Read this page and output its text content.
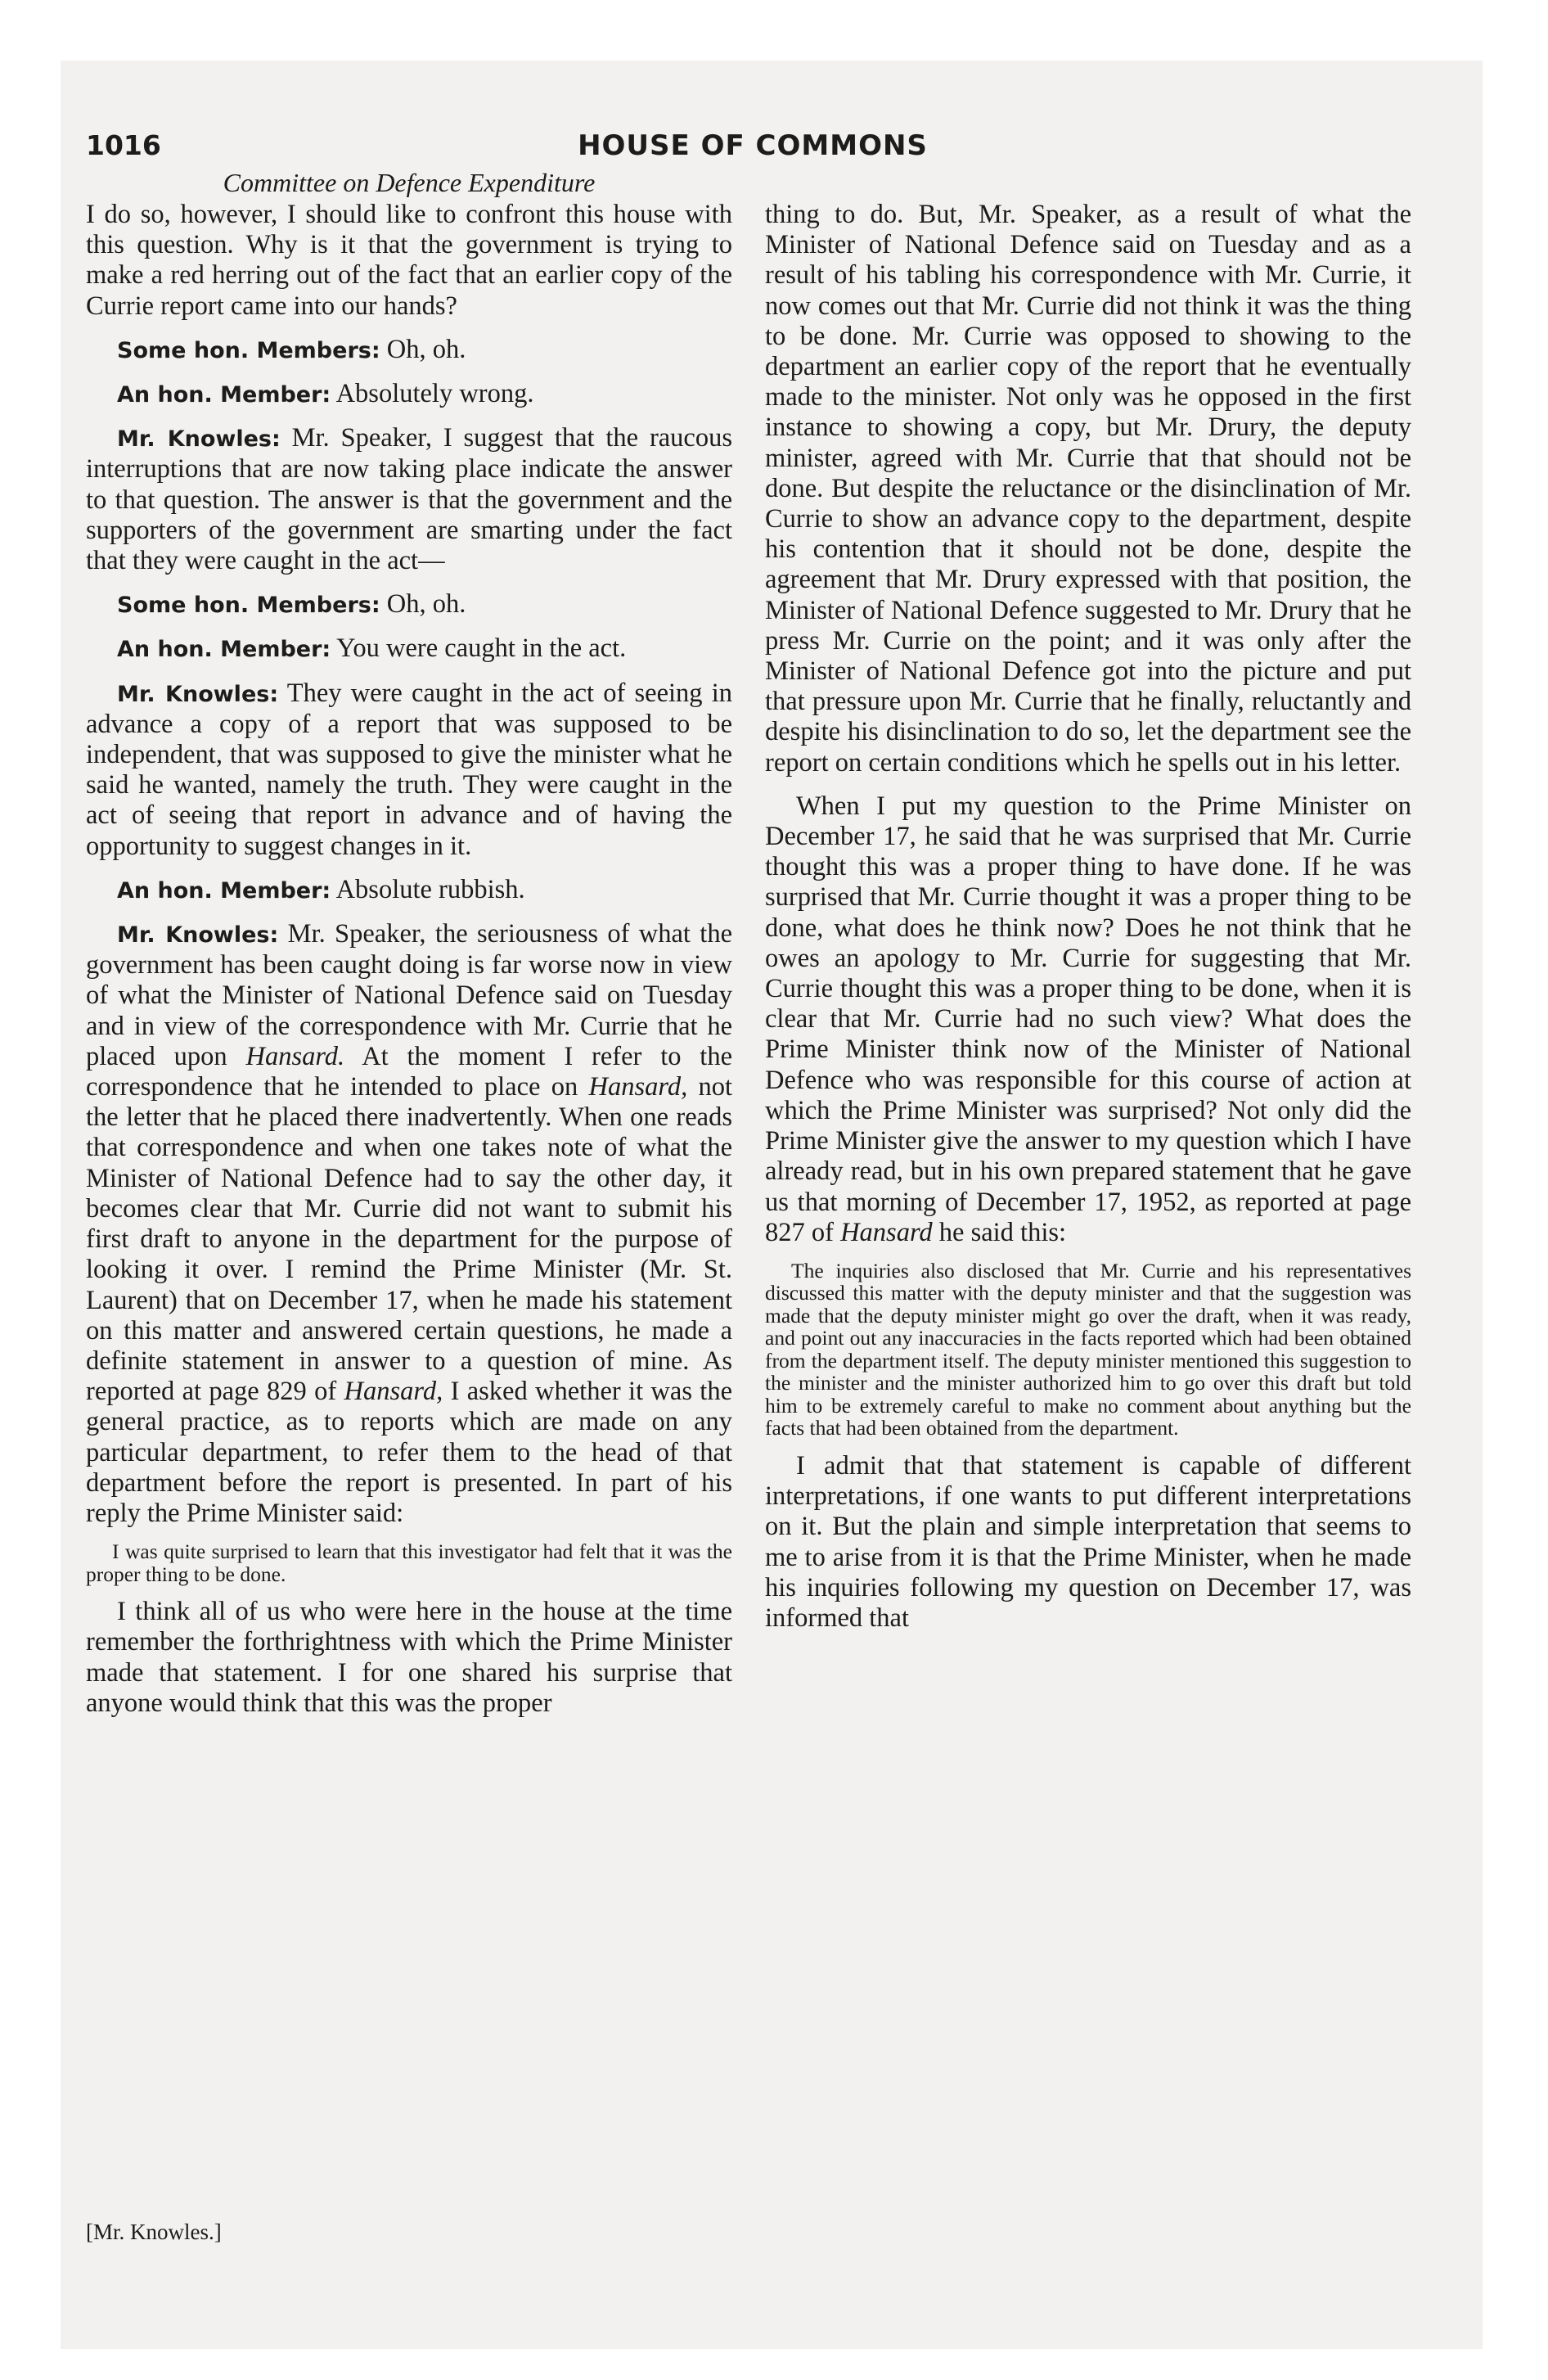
1016	HOUSE OF COMMONS
Committee on Defence Expenditure

I do so, however, I should like to confront this house with this question. Why is it that the government is trying to make a red herring out of the fact that an earlier copy of the Currie report came into our hands?

Some hon. Members: Oh, oh.

An hon. Member: Absolutely wrong.

Mr. Knowles: Mr. Speaker, I suggest that the raucous interruptions that are now taking place indicate the answer to that question. The answer is that the government and the supporters of the government are smarting under the fact that they were caught in the act—

Some hon. Members: Oh, oh.

An hon. Member: You were caught in the act.

Mr. Knowles: They were caught in the act of seeing in advance a copy of a report that was supposed to be independent, that was supposed to give the minister what he said he wanted, namely the truth. They were caught in the act of seeing that report in advance and of having the opportunity to suggest changes in it.

An hon. Member: Absolute rubbish.

Mr. Knowles: Mr. Speaker, the seriousness of what the government has been caught doing is far worse now in view of what the Minister of National Defence said on Tuesday and in view of the correspondence with Mr. Currie that he placed upon Hansard. At the moment I refer to the correspondence that he intended to place on Hansard, not the letter that he placed there inadvertently. When one reads that correspondence and when one takes note of what the Minister of National Defence had to say the other day, it becomes clear that Mr. Currie did not want to submit his first draft to anyone in the department for the purpose of looking it over. I remind the Prime Minister (Mr. St. Laurent) that on December 17, when he made his statement on this matter and answered certain questions, he made a definite statement in answer to a question of mine. As reported at page 829 of Hansard, I asked whether it was the general practice, as to reports which are made on any particular department, to refer them to the head of that department before the report is presented. In part of his reply the Prime Minister said:

I was quite surprised to learn that this investigator had felt that it was the proper thing to be done.

I think all of us who were here in the house at the time remember the forthrightness with which the Prime Minister made that statement. I for one shared his surprise that anyone would think that this was the proper

thing to do. But, Mr. Speaker, as a result of what the Minister of National Defence said on Tuesday and as a result of his tabling his correspondence with Mr. Currie, it now comes out that Mr. Currie did not think it was the thing to be done. Mr. Currie was opposed to showing to the department an earlier copy of the report that he eventually made to the minister. Not only was he opposed in the first instance to showing a copy, but Mr. Drury, the deputy minister, agreed with Mr. Currie that that should not be done. But despite the reluctance or the disinclination of Mr. Currie to show an advance copy to the department, despite his contention that it should not be done, despite the agreement that Mr. Drury expressed with that position, the Minister of National Defence suggested to Mr. Drury that he press Mr. Currie on the point; and it was only after the Minister of National Defence got into the picture and put that pressure upon Mr. Currie that he finally, reluctantly and despite his disinclination to do so, let the department see the report on certain conditions which he spells out in his letter.

When I put my question to the Prime Minister on December 17, he said that he was surprised that Mr. Currie thought this was a proper thing to have done. If he was surprised that Mr. Currie thought it was a proper thing to be done, what does he think now? Does he not think that he owes an apology to Mr. Currie for suggesting that Mr. Currie thought this was a proper thing to be done, when it is clear that Mr. Currie had no such view? What does the Prime Minister think now of the Minister of National Defence who was responsible for this course of action at which the Prime Minister was surprised? Not only did the Prime Minister give the answer to my question which I have already read, but in his own prepared statement that he gave us that morning of December 17, 1952, as reported at page 827 of Hansard he said this:

The inquiries also disclosed that Mr. Currie and his representatives discussed this matter with the deputy minister and that the suggestion was made that the deputy minister might go over the draft, when it was ready, and point out any inaccuracies in the facts reported which had been obtained from the department itself. The deputy minister mentioned this suggestion to the minister and the minister authorized him to go over this draft but told him to be extremely careful to make no comment about anything but the facts that had been obtained from the department.

I admit that that statement is capable of different interpretations, if one wants to put different interpretations on it. But the plain and simple interpretation that seems to me to arise from it is that the Prime Minister, when he made his inquiries following my question on December 17, was informed that

[Mr. Knowles.]
